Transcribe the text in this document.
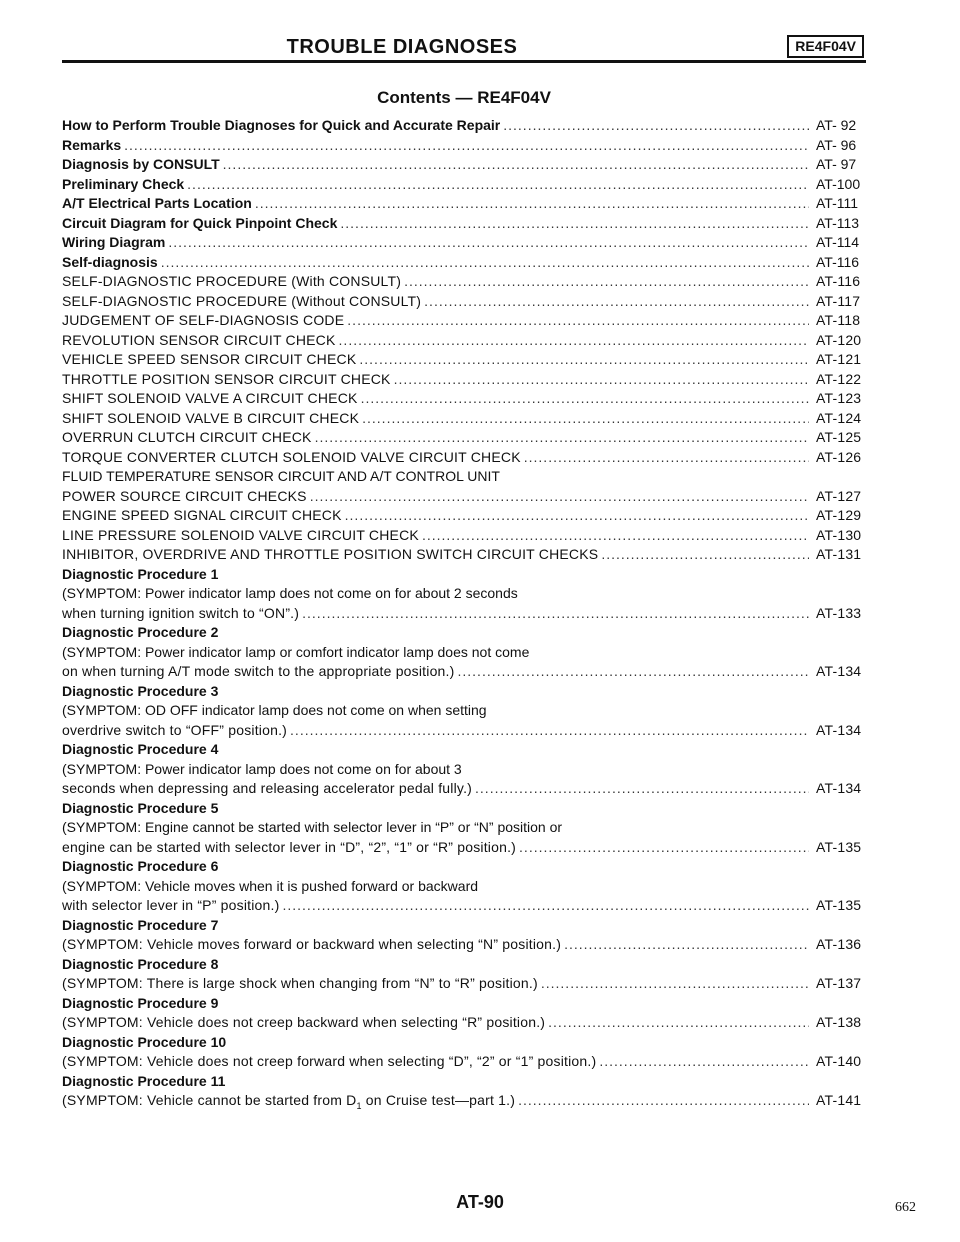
TROUBLE DIAGNOSES	RE4F04V
Contents — RE4F04V
How to Perform Trouble Diagnoses for Quick and Accurate Repair .....	AT- 92
Remarks .....	AT- 96
Diagnosis by CONSULT .....	AT- 97
Preliminary Check .....	AT-100
A/T Electrical Parts Location .....	AT-111
Circuit Diagram for Quick Pinpoint Check .....	AT-113
Wiring Diagram .....	AT-114
Self-diagnosis .....	AT-116
SELF-DIAGNOSTIC PROCEDURE (With CONSULT) .....	AT-116
SELF-DIAGNOSTIC PROCEDURE (Without CONSULT) .....	AT-117
JUDGEMENT OF SELF-DIAGNOSIS CODE .....	AT-118
REVOLUTION SENSOR CIRCUIT CHECK .....	AT-120
VEHICLE SPEED SENSOR CIRCUIT CHECK .....	AT-121
THROTTLE POSITION SENSOR CIRCUIT CHECK .....	AT-122
SHIFT SOLENOID VALVE A CIRCUIT CHECK .....	AT-123
SHIFT SOLENOID VALVE B CIRCUIT CHECK .....	AT-124
OVERRUN CLUTCH CIRCUIT CHECK .....	AT-125
TORQUE CONVERTER CLUTCH SOLENOID VALVE CIRCUIT CHECK .....	AT-126
FLUID TEMPERATURE SENSOR CIRCUIT AND A/T CONTROL UNIT
POWER SOURCE CIRCUIT CHECKS .....	AT-127
ENGINE SPEED SIGNAL CIRCUIT CHECK .....	AT-129
LINE PRESSURE SOLENOID VALVE CIRCUIT CHECK .....	AT-130
INHIBITOR, OVERDRIVE AND THROTTLE POSITION SWITCH CIRCUIT CHECKS .....	AT-131
Diagnostic Procedure 1
(SYMPTOM: Power indicator lamp does not come on for about 2 seconds
when turning ignition switch to “ON”.) .....	AT-133
Diagnostic Procedure 2
(SYMPTOM: Power indicator lamp or comfort indicator lamp does not come
on when turning A/T mode switch to the appropriate position.) .....	AT-134
Diagnostic Procedure 3
(SYMPTOM: OD OFF indicator lamp does not come on when setting
overdrive switch to “OFF” position.) .....	AT-134
Diagnostic Procedure 4
(SYMPTOM: Power indicator lamp does not come on for about 3
seconds when depressing and releasing accelerator pedal fully.) .....	AT-134
Diagnostic Procedure 5
(SYMPTOM: Engine cannot be started with selector lever in “P” or “N” position or
engine can be started with selector lever in “D”, “2”, “1” or “R” position.) .....	AT-135
Diagnostic Procedure 6
(SYMPTOM: Vehicle moves when it is pushed forward or backward
with selector lever in “P” position.) .....	AT-135
Diagnostic Procedure 7
(SYMPTOM: Vehicle moves forward or backward when selecting “N” position.) .....	AT-136
Diagnostic Procedure 8
(SYMPTOM: There is large shock when changing from “N” to “R” position.) .....	AT-137
Diagnostic Procedure 9
(SYMPTOM: Vehicle does not creep backward when selecting “R” position.) .....	AT-138
Diagnostic Procedure 10
(SYMPTOM: Vehicle does not creep forward when selecting “D”, “2” or “1” position.) .....	AT-140
Diagnostic Procedure 11
(SYMPTOM: Vehicle cannot be started from $D_1$ on Cruise test—part 1.) .....	AT-141
AT-90	662
